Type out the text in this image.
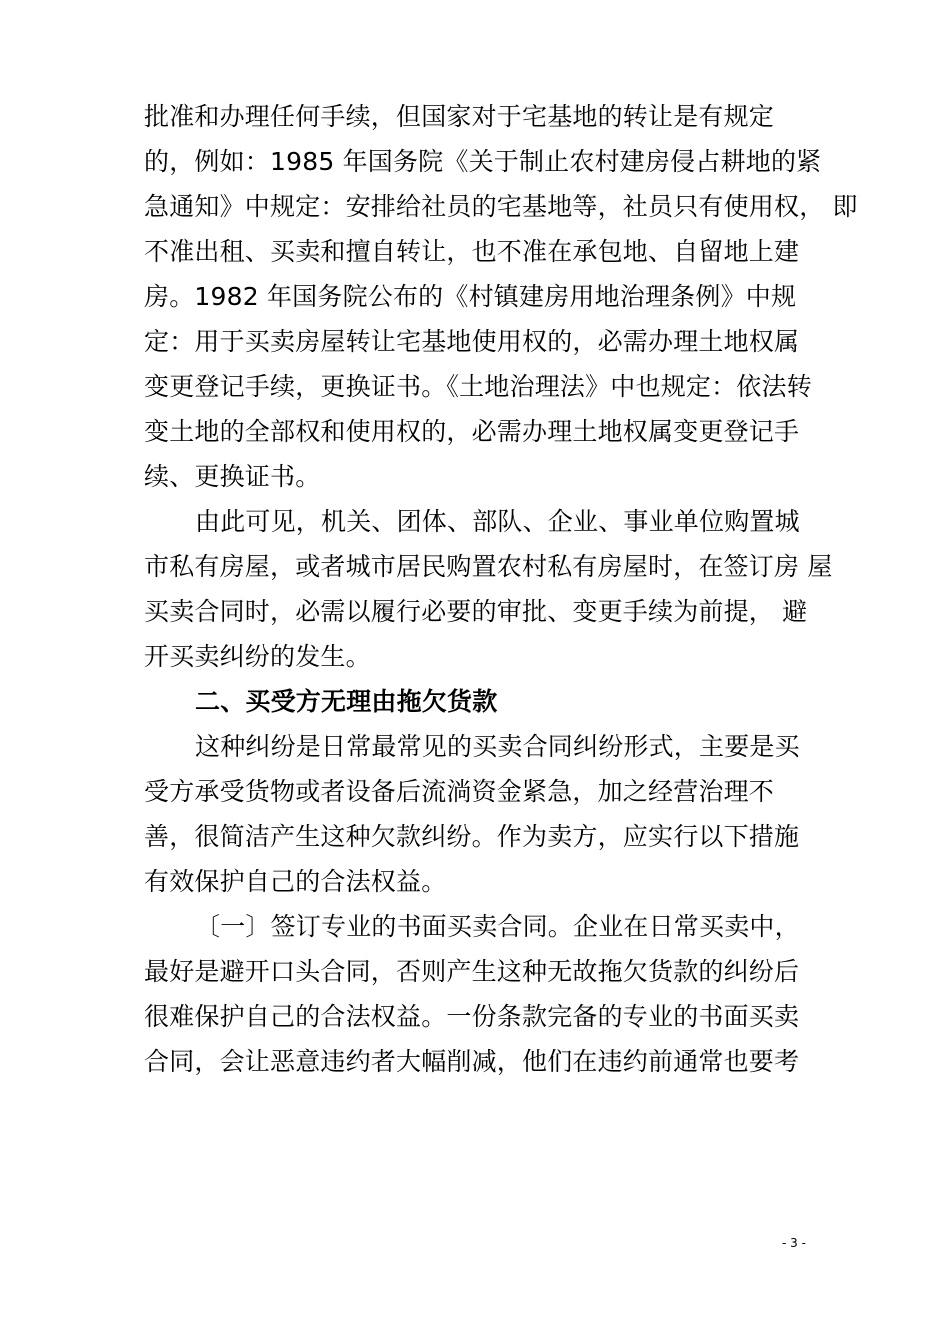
批准和办理任何手续，但国家对于宅基地的转让是有规定
的，例如：1985 年国务院《关于制止农村建房侵占耕地的紧
急通知》中规定：安排给社员的宅基地等，社员只有使用权， 即
不准出租、买卖和擅自转让，也不准在承包地、自留地上建
房。1982 年国务院公布的《村镇建房用地治理条例》中规
定：用于买卖房屋转让宅基地使用权的，必需办理土地权属
变更登记手续，更换证书。《土地治理法》中也规定：依法转
变土地的全部权和使用权的，必需办理土地权属变更登记手
续、更换证书。
由此可见，机关、团体、部队、企业、事业单位购置城
市私有房屋，或者城市居民购置农村私有房屋时，在签订房 屋
买卖合同时，必需以履行必要的审批、变更手续为前提， 避
开买卖纠纷的发生。
二、买受方无理由拖欠货款
这种纠纷是日常最常见的买卖合同纠纷形式，主要是买
受方承受货物或者设备后流淌资金紧急，加之经营治理不
善，很简洁产生这种欠款纠纷。作为卖方，应实行以下措施
有效保护自己的合法权益。
〔一〕签订专业的书面买卖合同。企业在日常买卖中，
最好是避开口头合同，否则产生这种无故拖欠货款的纠纷后
很难保护自己的合法权益。一份条款完备的专业的书面买卖
合同，会让恶意违约者大幅削减，他们在违约前通常也要考
- 3 -
